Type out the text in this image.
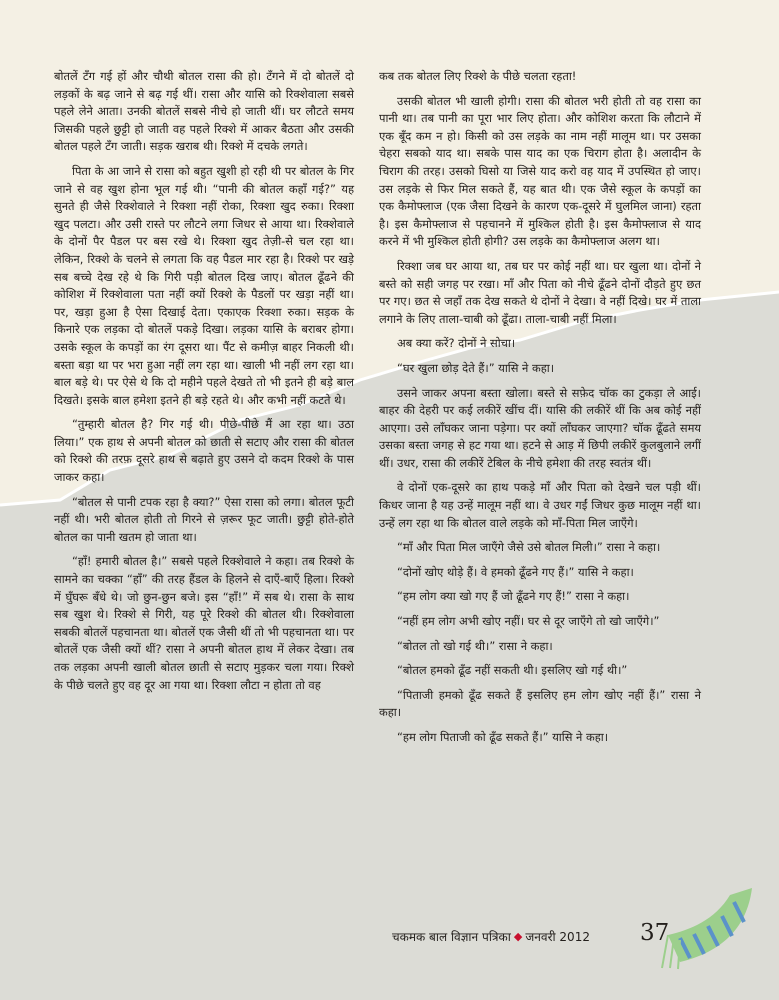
बोतलें टँग गई हों और चौथी बोतल रासा की हो। टँगने में दो बोतलें दो लड़कों के बढ़ जाने से बढ़ गई थीं। रासा और यासि को रिक्शेवाला सबसे पहले लेने आता। उनकी बोतलें सबसे नीचे हो जाती थीं। घर लौटते समय जिसकी पहले छुट्टी हो जाती वह पहले रिक्शे में आकर बैठता और उसकी बोतल पहले टँग जाती। सड़क खराब थी। रिक्शे में दचके लगते।

पिता के आ जाने से रासा को बहुत खुशी हो रही थी पर बोतल के गिर जाने से वह खुश होना भूल गई थी। “पानी की बोतल कहाँ गई?” यह सुनते ही जैसे रिक्शेवाले ने रिक्शा नहीं रोका, रिक्शा खुद रुका। रिक्शा खुद पलटा। और उसी रास्ते पर लौटने लगा जिधर से आया था। रिक्शेवाले के दोनों पैर पैडल पर बस रखे थे। रिक्शा खुद तेज़ी-से चल रहा था। लेकिन, रिक्शे के चलने से लगता कि वह पैडल मार रहा है। रिक्शे पर खड़े सब बच्चे देख रहे थे कि गिरी पड़ी बोतल दिख जाए। बोतल ढूँढने की कोशिश में रिक्शेवाला पता नहीं क्यों रिक्शे के पैडलों पर खड़ा नहीं था। पर, खड़ा हुआ है ऐसा दिखाई देता। एकाएक रिक्शा रुका। सड़क के किनारे एक लड़का दो बोतलें पकड़े दिखा। लड़का यासि के बराबर होगा। उसके स्कूल के कपड़ों का रंग दूसरा था। पैंट से कमीज़ बाहर निकली थी। बस्ता बड़ा था पर भरा हुआ नहीं लग रहा था। खाली भी नहीं लग रहा था। बाल बड़े थे। पर ऐसे थे कि दो महीने पहले देखते तो भी इतने ही बड़े बाल दिखते। इसके बाल हमेशा इतने ही बड़े रहते थे। और कभी नहीं कटते थे।

“तुम्हारी बोतल है? गिर गई थी। पीछे-पीछे मैं आ रहा था। उठा लिया।” एक हाथ से अपनी बोतल को छाती से सटाए और रासा की बोतल को रिक्शे की तरफ़ दूसरे हाथ से बढ़ाते हुए उसने दो कदम रिक्शे के पास जाकर कहा।

“बोतल से पानी टपक रहा है क्या?” ऐसा रासा को लगा। बोतल फूटी नहीं थी। भरी बोतल होती तो गिरने से ज़रूर फूट जाती। छुट्टी होते-होते बोतल का पानी खतम हो जाता था।

“हाँ! हमारी बोतल है।” सबसे पहले रिक्शेवाले ने कहा। तब रिक्शे के सामने का चक्का “हाँ” की तरह हैंडल के हिलने से दाएँ-बाएँ हिला। रिक्शे में घुँघरू बँधे थे। जो छुन-छुन बजे। इस “हाँ!” में सब थे। रासा के साथ सब खुश थे। रिक्शे से गिरी, यह पूरे रिक्शे की बोतल थी। रिक्शेवाला सबकी बोतलें पहचानता था। बोतलें एक जैसी थीं तो भी पहचानता था। पर बोतलें एक जैसी क्यों थीं? रासा ने अपनी बोतल हाथ में लेकर देखा। तब तक लड़का अपनी खाली बोतल छाती से सटाए मुड़कर चला गया। रिक्शे के पीछे चलते हुए वह दूर आ गया था। रिक्शा लौटा न होता तो वह

कब तक बोतल लिए रिक्शे के पीछे चलता रहता!

उसकी बोतल भी खाली होगी। रासा की बोतल भरी होती तो वह रासा का पानी था। तब पानी का पूरा भार लिए होता। और कोशिश करता कि लौटाने में एक बूँद कम न हो। किसी को उस लड़के का नाम नहीं मालूम था। पर उसका चेहरा सबको याद था। सबके पास याद का एक चिराग होता है। अलादीन के चिराग की तरह। उसको घिसो या जिसे याद करो वह याद में उपस्थित हो जाए। उस लड़के से फिर मिल सकते हैं, यह बात थी। एक जैसे स्कूल के कपड़ों का एक कैमोफ्लाज (एक जैसा दिखने के कारण एक-दूसरे में घुलमिल जाना) रहता है। इस कैमोफ्लाज से पहचानने में मुश्किल होती है। इस कैमोफ्लाज से याद करने में भी मुश्किल होती होगी? उस लड़के का कैमोफ्लाज अलग था।

रिक्शा जब घर आया था, तब घर पर कोई नहीं था। घर खुला था। दोनों ने बस्ते को सही जगह पर रखा। माँ और पिता को नीचे ढूँढने दोनों दौड़ते हुए छत पर गए। छत से जहाँ तक देख सकते थे दोनों ने देखा। वे नहीं दिखे। घर में ताला लगाने के लिए ताला-चाबी को ढूँढा। ताला-चाबी नहीं मिला।

अब क्या करें? दोनों ने सोचा।

“घर खुला छोड़ देते हैं।” यासि ने कहा।

उसने जाकर अपना बस्ता खोला। बस्ते से सफ़ेद चॉक का टुकड़ा ले आई। बाहर की देहरी पर कई लकीरें खींच दीं। यासि की लकीरें थीं कि अब कोई नहीं आएगा। उसे लाँघकर जाना पड़ेगा। पर क्यों लाँघकर जाएगा? चॉक ढूँढते समय उसका बस्ता जगह से हट गया था। हटने से आड़ में छिपी लकीरें कुलबुलाने लगीं थीं। उधर, रासा की लकीरें टेबिल के नीचे हमेशा की तरह स्वतंत्र थीं।

वे दोनों एक-दूसरे का हाथ पकड़े माँ और पिता को देखने चल पड़ी थीं। किधर जाना है यह उन्हें मालूम नहीं था। वे उधर गईं जिधर कुछ मालूम नहीं था। उन्हें लग रहा था कि बोतल वाले लड़के को माँ-पिता मिल जाएँगे।

“माँ और पिता मिल जाएँगे जैसे उसे बोतल मिली।” रासा ने कहा।

“दोनों खोए थोड़े हैं। वे हमको ढूँढने गए हैं।” यासि ने कहा।

“हम लोग क्या खो गए हैं जो ढूँढने गए हैं!” रासा ने कहा।

“नहीं हम लोग अभी खोए नहीं। घर से दूर जाएँगे तो खो जाएँगे।”

“बोतल तो खो गई थी।” रासा ने कहा।

“बोतल हमको ढूँढ नहीं सकती थी। इसलिए खो गई थी।”

“पिताजी हमको ढूँढ सकते हैं इसलिए हम लोग खोए नहीं हैं।” रासा ने कहा।

“हम लोग पिताजी को ढूँढ सकते हैं।” यासि ने कहा।

चकमक बाल विज्ञान पत्रिका ◆ जनवरी 2012 37
